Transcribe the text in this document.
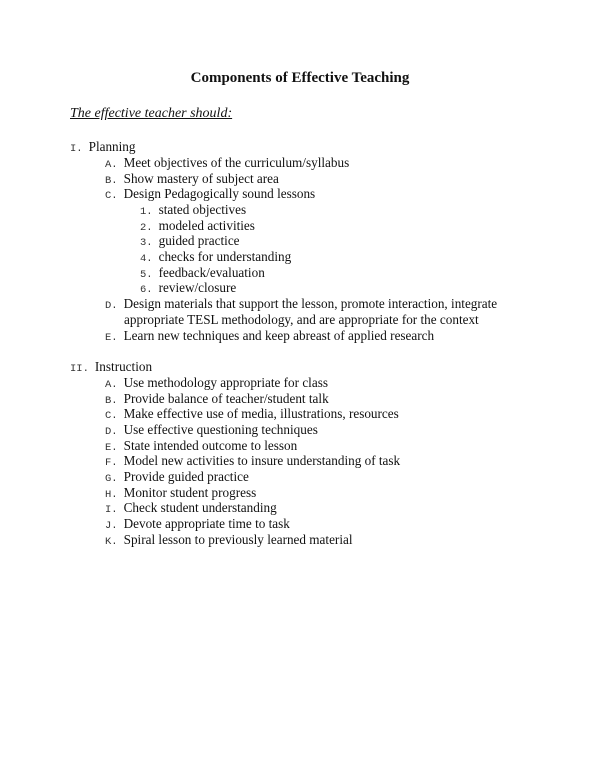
Components of Effective Teaching
The effective teacher should:
I. Planning
A. Meet objectives of the curriculum/syllabus
B. Show mastery of subject area
C. Design Pedagogically sound lessons
1. stated objectives
2. modeled activities
3. guided practice
4. checks for understanding
5. feedback/evaluation
6. review/closure
D. Design materials that support the lesson, promote interaction, integrate
appropriate TESL methodology, and are appropriate for the context
E. Learn new techniques and keep abreast of applied research
II. Instruction
A. Use methodology appropriate for class
B. Provide balance of teacher/student talk
C. Make effective use of media, illustrations, resources
D. Use effective questioning techniques
E. State intended outcome to lesson
F. Model new activities to insure understanding of task
G. Provide guided practice
H. Monitor student progress
I. Check student understanding
J. Devote appropriate time to task
K. Spiral lesson to previously learned material
